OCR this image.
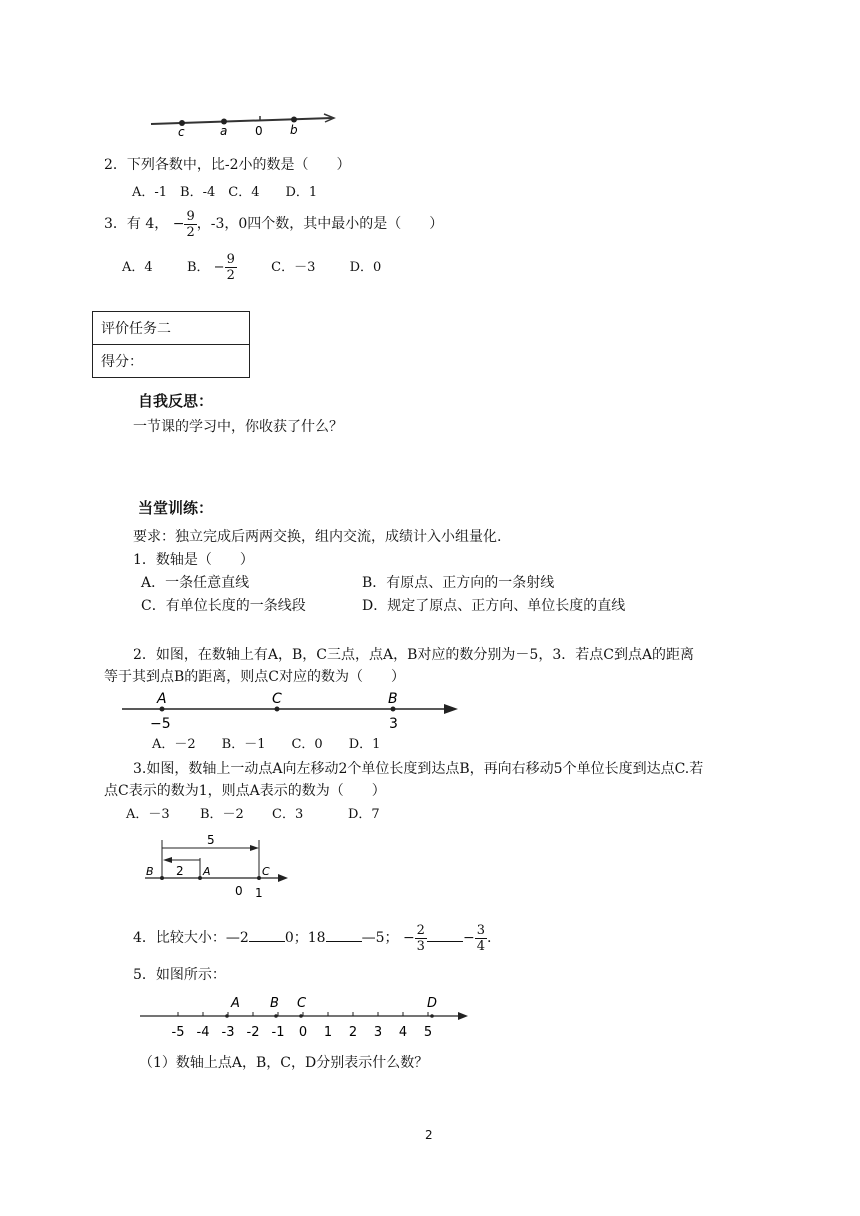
c	a 0 b
2．下列各数中，比-2小的数是（　　）
A．-1　B．-4　C．4　　D．1
3．有 4， − $\frac{9}{2}$ ，-3，0四个数，其中最小的是（　　）
A．4	B． − $\frac{9}{2}$	C．－3	D．0
评价任务二
得分：
自我反思：
一节课的学习中，你收获了什么？
当堂训练：
要求：独立完成后两两交换，组内交流，成绩计入小组量化.
1．数轴是（　　）
A．一条任意直线	B．有原点、正方向的一条射线
C．有单位长度的一条线段	D．规定了原点、正方向、单位长度的直线
2．如图，在数轴上有A，B，C三点，点A，B对应的数分别为－5，3．若点C到点A的距离
等于其到点B的距离，则点C对应的数为（　　）
A	C	B
−5	3
A．－2　　B．－1　　C．0　　D．1
3.如图，数轴上一动点A向左移动2个单位长度到达点B，再向右移动5个单位长度到达点C.若
点C表示的数为1，则点A表示的数为（　　）
A．－3 B．－2 C．3	D．7
5
2
B	A	C
0 1
4．比较大小：—2	0；18	—5； − $\frac{2}{3}$	− $\frac{3}{4}$ .
5．如图所示：
-5 -4 -3 -2 -1 0 1 2 3 4 5
A B C	D
（1）数轴上点A，B，C，D分别表示什么数？
2
